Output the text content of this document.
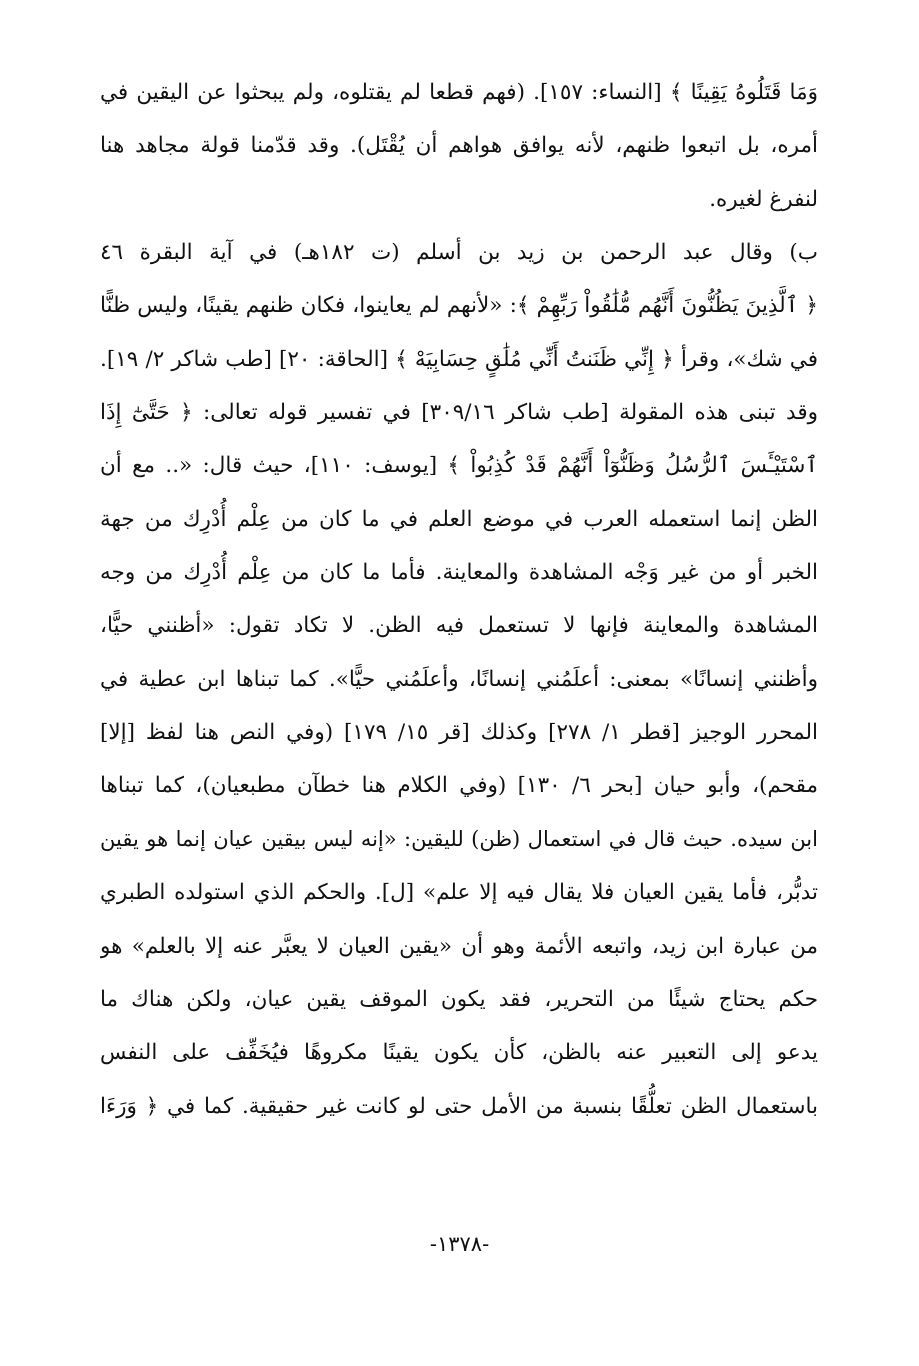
وَمَا قَتَلُوهُ يَقِينًا ﴾ [النساء: ١٥٧]. (فهم قطعا لم يقتلوه، ولم يبحثوا عن اليقين في
أمره، بل اتبعوا ظنهم، لأنه يوافق هواهم أن يُقْتَل). وقد قدّمنا قولة مجاهد هنا
لنفرغ لغيره.
ب) وقال عبد الرحمن بن زيد بن أسلم (ت ١٨٢هـ) في آية البقرة ٤٦
﴿ ٱلَّذِينَ يَظُنُّونَ أَنَّهُم مُّلَٰقُواْ رَبِّهِمْ ﴾: «لأنهم لم يعاينوا، فكان ظنهم يقينًا، وليس ظنًّا
في شك»، وقرأ ﴿ إِنِّي ظَنَنتُ أَنِّي مُلَٰقٍ حِسَابِيَهْ ﴾ [الحاقة: ٢٠] [طب شاكر ٢/ ١٩].
وقد تبنى هذه المقولة [طب شاكر ٣٠٩/١٦] في تفسير قوله تعالى: ﴿ حَتَّىٰٓ إِذَا
ٱسْتَيْـَٔسَ ٱلرُّسُلُ وَظَنُّوٓاْ أَنَّهُمْ قَدْ كُذِبُواْ ﴾ [يوسف: ١١٠]، حيث قال: «.. مع أن
الظن إنما استعمله العرب في موضع العلم في ما كان من عِلْم أُدْرِك من جهة
الخبر أو من غير وَجْه المشاهدة والمعاينة. فأما ما كان من عِلْم أُدْرِك من وجه
المشاهدة والمعاينة فإنها لا تستعمل فيه الظن. لا تكاد تقول: «أظنني حيًّا،
وأظنني إنسانًا» بمعنى: أعلَمُني إنسانًا، وأعلَمُني حيًّا». كما تبناها ابن عطية في
المحرر الوجيز [قطر ١/ ٢٧٨] وكذلك [قر ١٥/ ١٧٩] (وفي النص هنا لفظ [إلا]
مقحم)، وأبو حيان [بحر ٦/ ١٣٠] (وفي الكلام هنا خطآن مطبعيان)، كما تبناها
ابن سيده. حيث قال في استعمال (ظن) لليقين: «إنه ليس بيقين عيان إنما هو يقين
تدبُّر، فأما يقين العيان فلا يقال فيه إلا علم» [ل]. والحكم الذي استولده الطبري
من عبارة ابن زيد، واتبعه الأئمة وهو أن «يقين العيان لا يعبَّر عنه إلا بالعلم» هو
حكم يحتاج شيئًا من التحرير، فقد يكون الموقف يقين عيان، ولكن هناك ما
يدعو إلى التعبير عنه بالظن، كأن يكون يقينًا مكروهًا فيُخَفِّف على النفس
باستعمال الظن تعلُّقًا بنسبة من الأمل حتى لو كانت غير حقيقية. كما في ﴿ وَرَءَا
-١٣٧٨-
